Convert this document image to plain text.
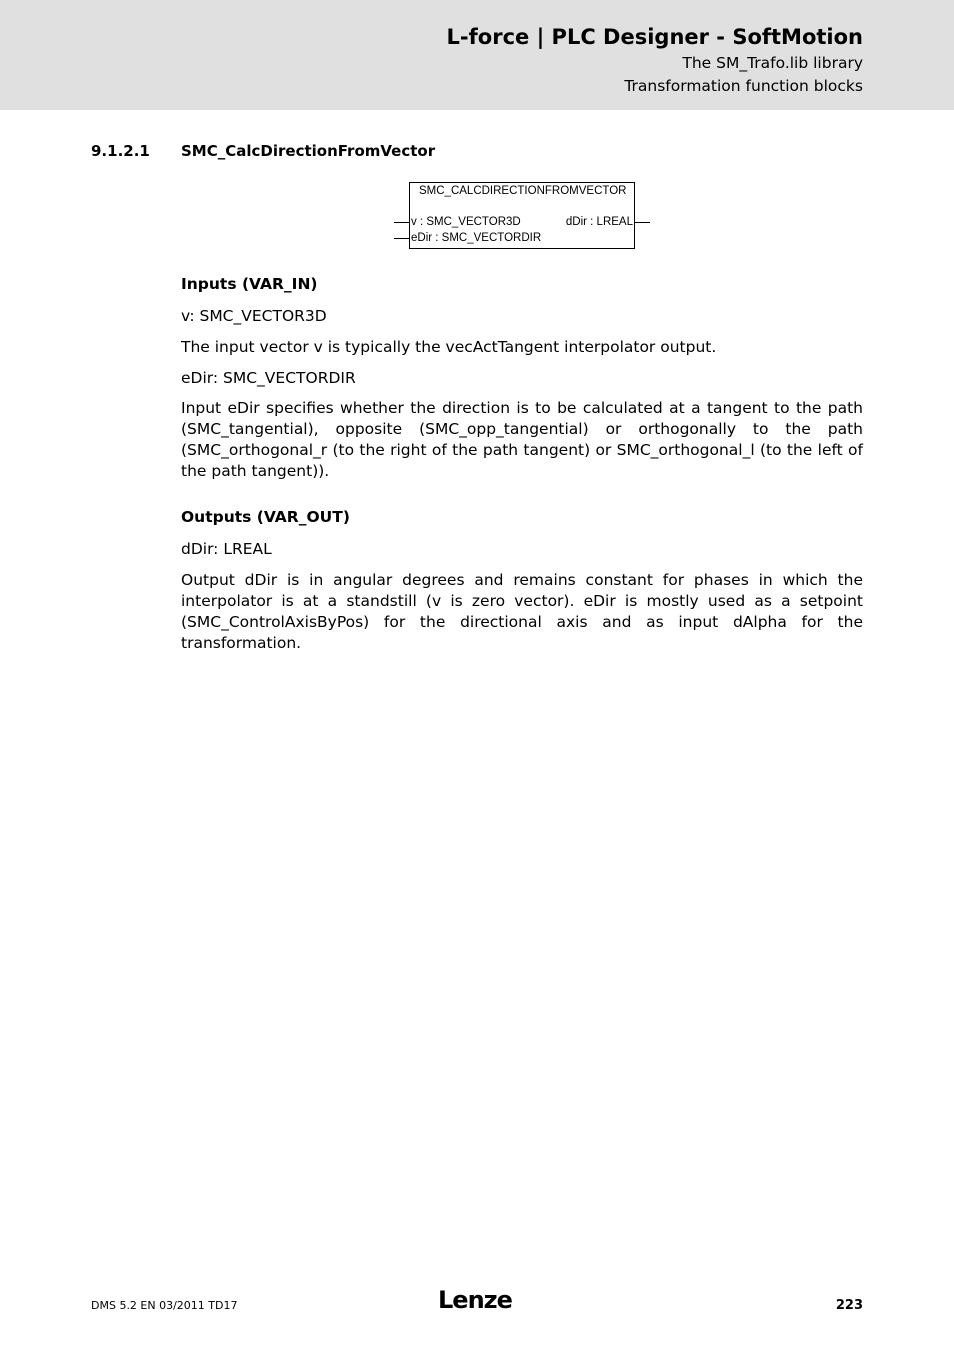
L-force | PLC Designer - SoftMotion
The SM_Trafo.lib library
Transformation function blocks
9.1.2.1 SMC_CalcDirectionFromVector
SMC_CALCDIRECTIONFROMVECTOR
v : SMC_VECTOR3D
eDir : SMC_VECTORDIR
dDir : LREAL

Inputs (VAR_IN)

v: SMC_VECTOR3D

The input vector v is typically the vecActTangent interpolator output.

eDir: SMC_VECTORDIR

Input eDir specifies whether the direction is to be calculated at a tangent to the path (SMC_tangential), opposite (SMC_opp_tangential) or orthogonally to the path (SMC_orthogonal_r (to the right of the path tangent) or SMC_orthogonal_l (to the left of the path tangent)).

Outputs (VAR_OUT)

dDir: LREAL

Output dDir is in angular degrees and remains constant for phases in which the interpolator is at a standstill (v is zero vector). eDir is mostly used as a setpoint (SMC_ControlAxisByPos) for the directional axis and as input dAlpha for the transformation.

DMS 5.2 EN 03/2011 TD17	Lenze	223
